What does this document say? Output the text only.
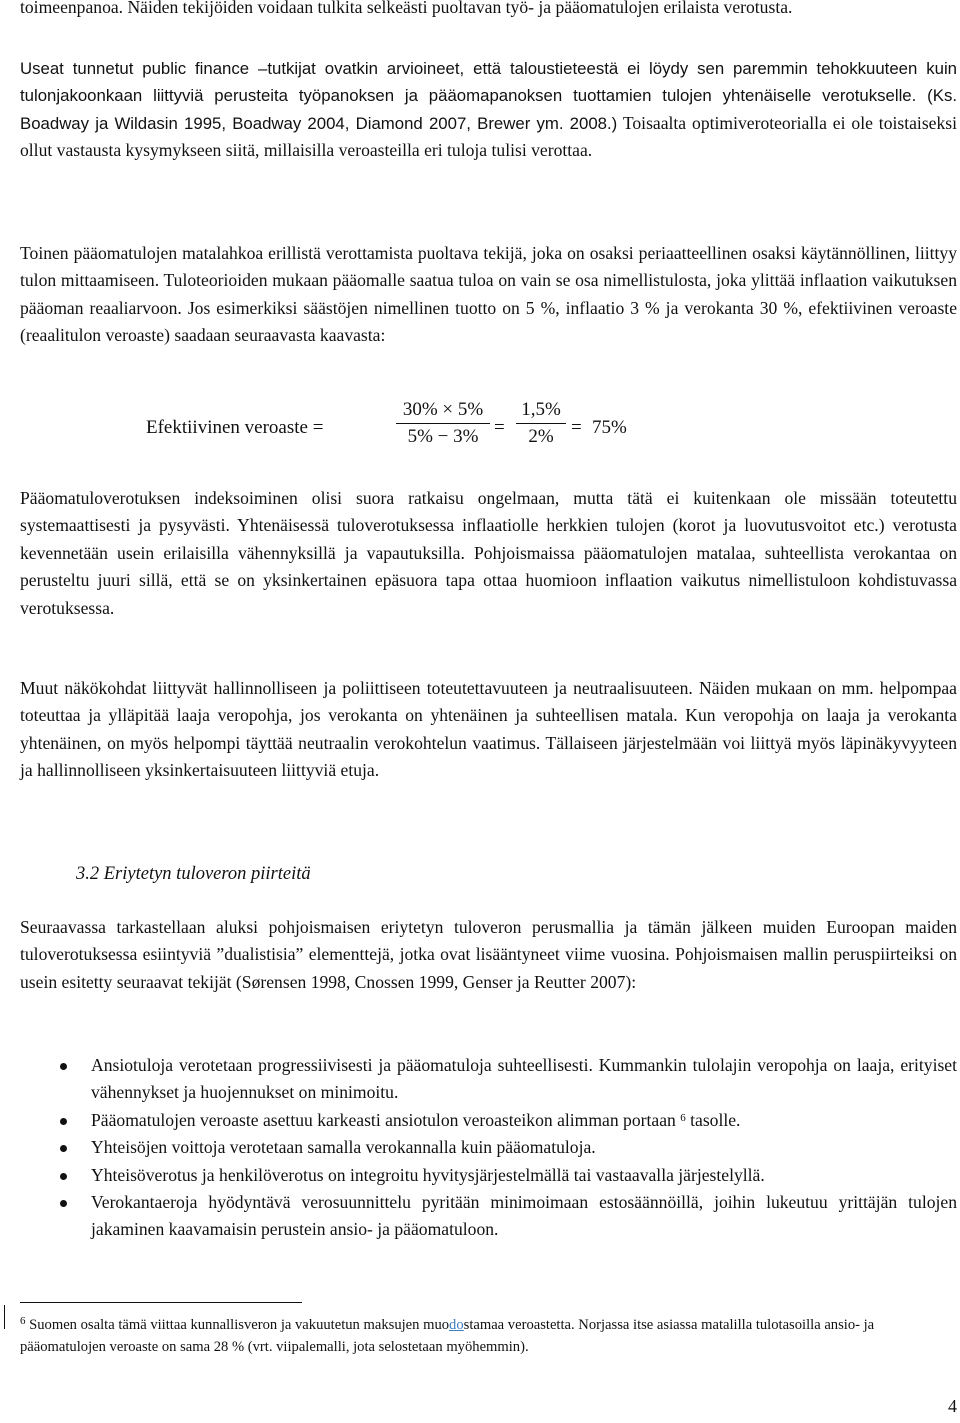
toimeenpanoa. Näiden tekijöiden voidaan tulkita selkeästi puoltavan työ- ja pääomatulojen erilaista verotusta.

Useat tunnetut public finance –tutkijat ovatkin arvioineet, että taloustieteestä ei löydy sen paremmin tehokkuuteen kuin tulonjakoonkaan liittyviä perusteita työpanoksen ja pääomapanoksen tuottamien tulojen yhtenäiselle verotukselle. (Ks. Boadway ja Wildasin 1995, Boadway 2004, Diamond 2007, Brewer ym. 2008.) Toisaalta optimiveroteorialla ei ole toistaiseksi ollut vastausta kysymykseen siitä, millaisilla veroasteilla eri tuloja tulisi verottaa.

Toinen pääomatulojen matalahkoa erillistä verottamista puoltava tekijä, joka on osaksi periaatteellinen osaksi käytännöllinen, liittyy tulon mittaamiseen. Tuloteorioiden mukaan pääomalle saatua tuloa on vain se osa nimellistulosta, joka ylittää inflaation vaikutuksen pääoman reaaliarvoon. Jos esimerkiksi säästöjen nimellinen tuotto on 5 %, inflaatio 3 % ja verokanta 30 %, efektiivinen veroaste (reaalitulon veroaste) saadaan seuraavasta kaavasta:

Efektiivinen veroaste =
30% × 5%
5% − 3% =
1,5%
2% = 75%

Pääomatuloverotuksen indeksoiminen olisi suora ratkaisu ongelmaan, mutta tätä ei kuitenkaan ole missään toteutettu systemaattisesti ja pysyvästi. Yhtenäisessä tuloverotuksessa inflaatiolle herkkien tulojen (korot ja luovutusvoitot etc.) verotusta kevennetään usein erilaisilla vähennyksillä ja vapautuksilla. Pohjoismaissa pääomatulojen matalaa, suhteellista verokantaa on perusteltu juuri sillä, että se on yksinkertainen epäsuora tapa ottaa huomioon inflaation vaikutus nimellistuloon kohdistuvassa verotuksessa.

Muut näkökohdat liittyvät hallinnolliseen ja poliittiseen toteutettavuuteen ja neutraalisuuteen. Näiden mukaan on mm. helpompaa toteuttaa ja ylläpitää laaja veropohja, jos verokanta on yhtenäinen ja suhteellisen matala. Kun veropohja on laaja ja verokanta yhtenäinen, on myös helpompi täyttää neutraalin verokohtelun vaatimus. Tällaiseen järjestelmään voi liittyä myös läpinäkyvyyteen ja hallinnolliseen yksinkertaisuuteen liittyviä etuja.

3.2 Eriytetyn tuloveron piirteitä

Seuraavassa tarkastellaan aluksi pohjoismaisen eriytetyn tuloveron perusmallia ja tämän jälkeen muiden Euroopan maiden tuloverotuksessa esiintyviä ”dualistisia” elementtejä, jotka ovat lisääntyneet viime vuosina. Pohjoismaisen mallin peruspiirteiksi on usein esitetty seuraavat tekijät (Sørensen 1998, Cnossen 1999, Genser ja Reutter 2007):

Ansiotuloja verotetaan progressiivisesti ja pääomatuloja suhteellisesti. Kummankin tulolajin veropohja on laaja, erityiset vähennykset ja huojennukset on minimoitu.
Pääomatulojen veroaste asettuu karkeasti ansiotulon veroasteikon alimman portaan $^6$ tasolle.
Yhteisöjen voittoja verotetaan samalla verokannalla kuin pääomatuloja.
Yhteisöverotus ja henkilöverotus on integroitu hyvitysjärjestelmällä tai vastaavalla järjestelyllä.
Verokantaeroja hyödyntävä verosuunnittelu pyritään minimoimaan estosäännöillä, joihin lukeutuu yrittäjän tulojen jakaminen kaavamaisin perustein ansio- ja pääomatuloon.

$^6$ Suomen osalta tämä viittaa kunnallisveron ja vakuutetun maksujen muodostamaa veroastetta. Norjassa itse asiassa matalilla tulotasoilla ansio- ja pääomatulojen veroaste on sama 28 % (vrt. viipalemalli, jota selostetaan myöhemmin).

4
